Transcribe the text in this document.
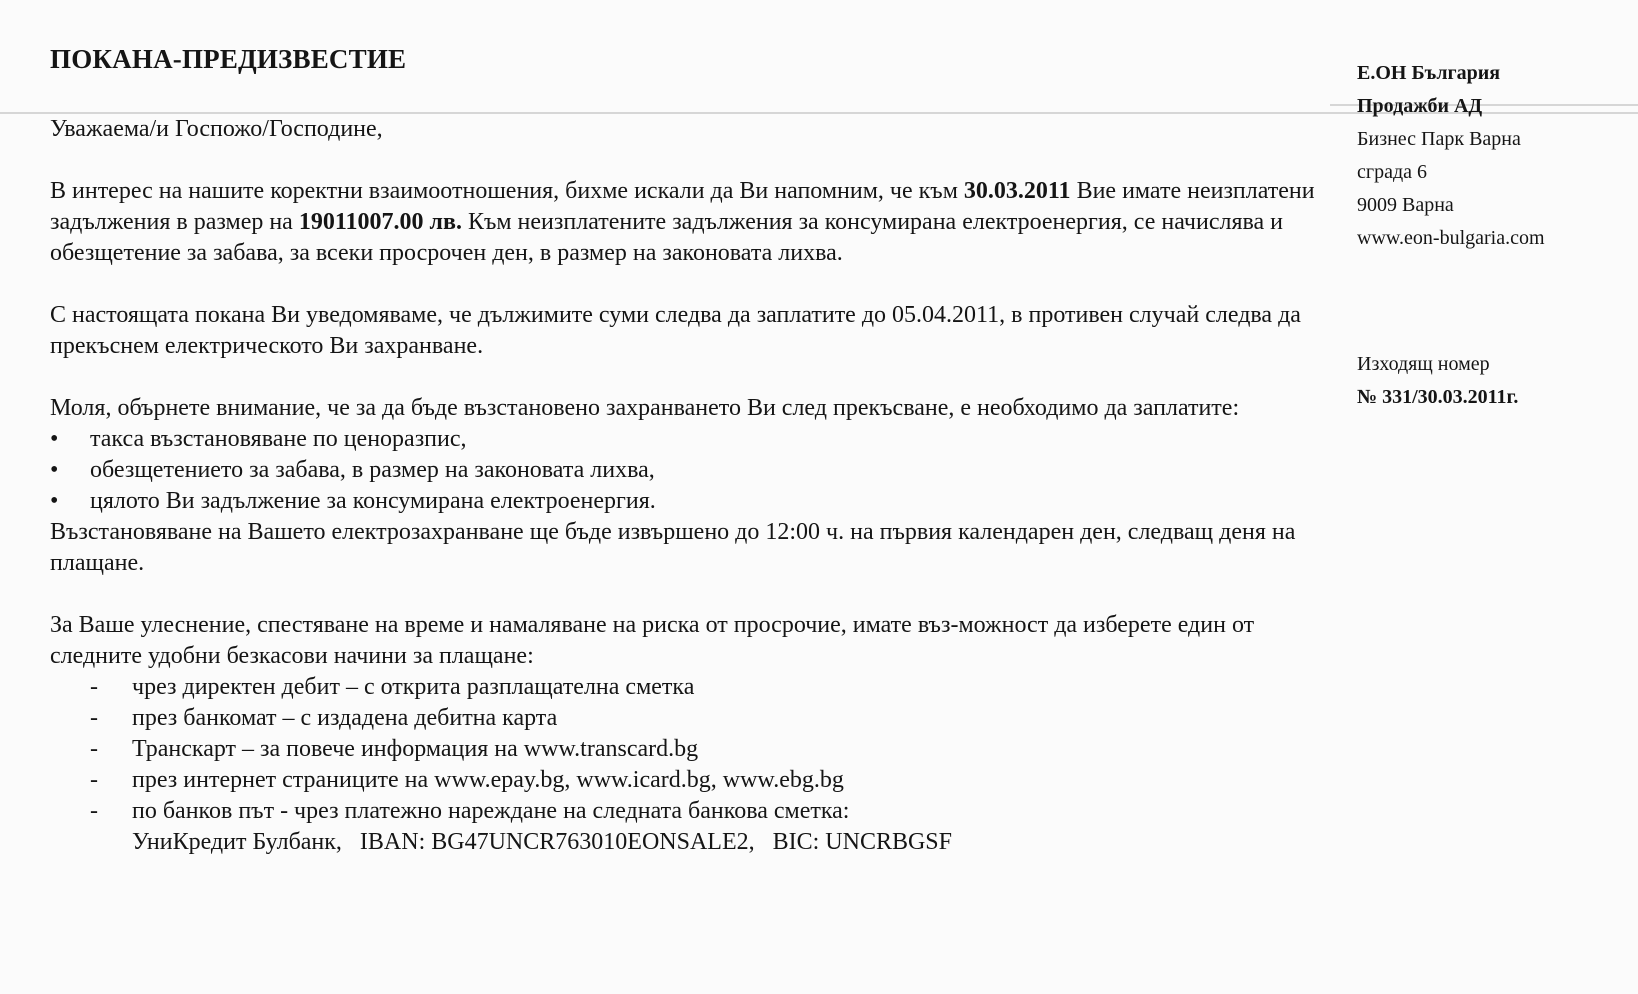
ПОКАНА-ПРЕДИЗВЕСТИЕ	Е.ОН България
Продажби АД
Бизнес Парк Варна
сграда 6
9009 Варна
www.eon-bulgaria.com
Изходящ номер
№ 331/30.03.2011г.

Уважаема/и Госпожо/Господине,

В интерес на нашите коректни взаимоотношения, бихме искали да Ви напомним, че към 30.03.2011 Вие имате неизплатени задължения в размер на 19011007.00 лв. Към неизплатените задължения за консумирана електроенергия, се начислява и обезщетение за забава, за всеки просрочен ден, в размер на законовата лихва.

С настоящата покана Ви уведомяваме, че дължимите суми следва да заплатите до 05.04.2011, в противен случай следва да прекъснем електрическото Ви захранване.

Моля, обърнете внимание, че за да бъде възстановено захранването Ви след прекъсване, е необходимо да заплатите:

• такса възстановяване по ценоразпис,
• обезщетението за забава, в размер на законовата лихва,
• цялото Ви задължение за консумирана електроенергия.

Възстановяване на Вашето електрозахранване ще бъде извършено до 12:00 ч. на първия календарен ден, следващ деня на плащане.

За Ваше улеснение, спестяване на време и намаляване на риска от просрочие, имате въз-можност да изберете един от следните удобни безкасови начини за плащане:

- чрез директен дебит – с открита разплащателна сметка
- през банкомат – с издадена дебитна карта
- Транскарт – за повече информация на www.transcard.bg
- през интернет страниците на www.epay.bg, www.icard.bg, www.ebg.bg
- по банков път - чрез платежно нареждане на следната банкова сметка:
УниКредит Булбанк,   IBAN: BG47UNCR763010EONSALE2,   BIC: UNCRBGSF
